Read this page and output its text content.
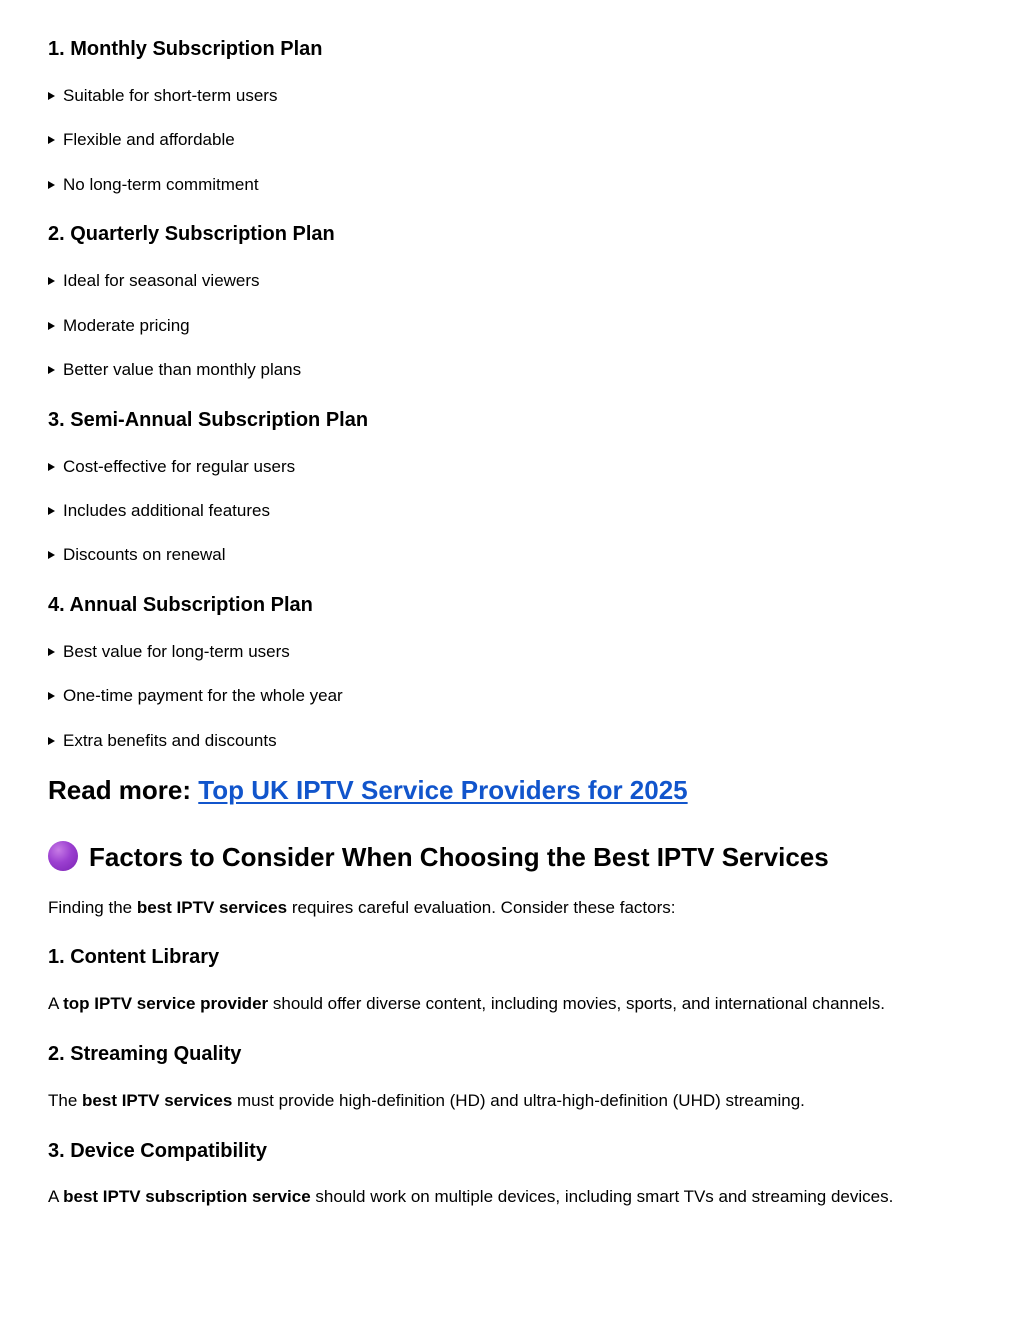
1. Monthly Subscription Plan
Suitable for short-term users
Flexible and affordable
No long-term commitment
2. Quarterly Subscription Plan
Ideal for seasonal viewers
Moderate pricing
Better value than monthly plans
3. Semi-Annual Subscription Plan
Cost-effective for regular users
Includes additional features
Discounts on renewal
4. Annual Subscription Plan
Best value for long-term users
One-time payment for the whole year
Extra benefits and discounts
Read more: Top UK IPTV Service Providers for 2025
Factors to Consider When Choosing the Best IPTV Services
Finding the best IPTV services requires careful evaluation. Consider these factors:
1. Content Library
A top IPTV service provider should offer diverse content, including movies, sports, and international channels.
2. Streaming Quality
The best IPTV services must provide high-definition (HD) and ultra-high-definition (UHD) streaming.
3. Device Compatibility
A best IPTV subscription service should work on multiple devices, including smart TVs and streaming devices.
